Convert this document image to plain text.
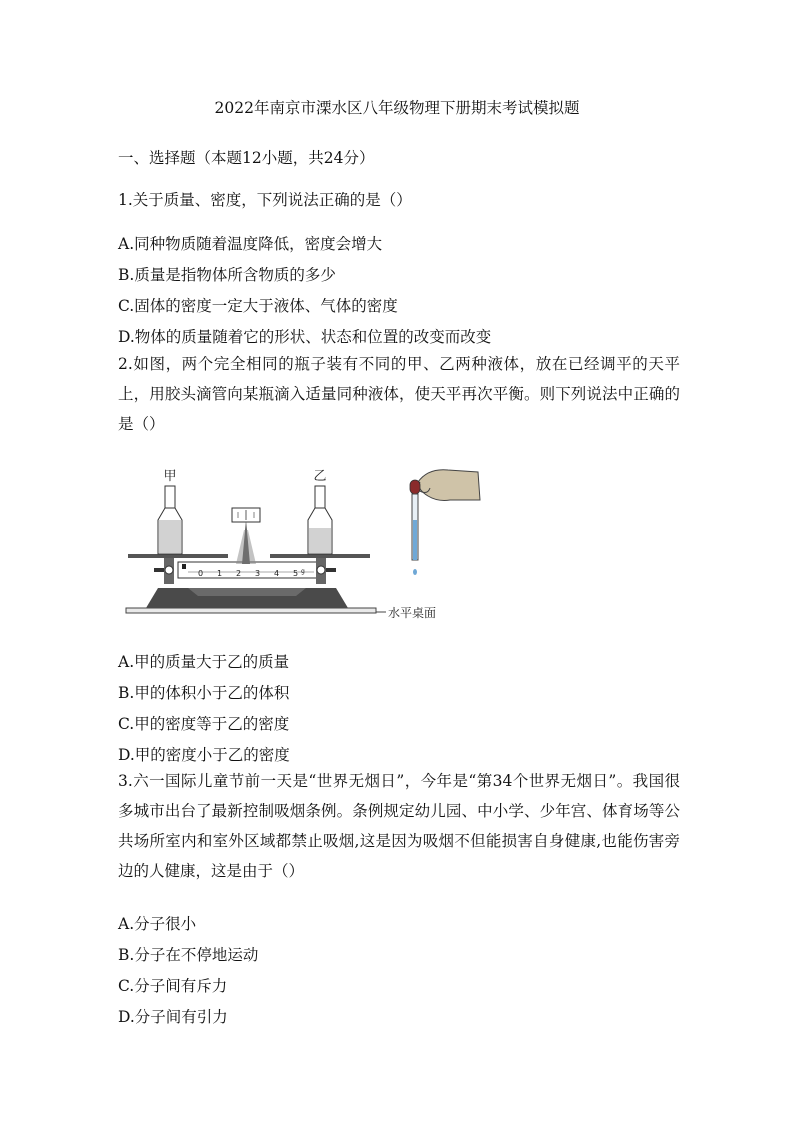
2022年南京市溧水区八年级物理下册期末考试模拟题
一、选择题（本题12小题，共24分）
1.关于质量、密度，下列说法正确的是（）
A.同种物质随着温度降低，密度会增大
B.质量是指物体所含物质的多少
C.固体的密度一定大于液体、气体的密度
D.物体的质量随着它的形状、状态和位置的改变而改变
2.如图，两个完全相同的瓶子装有不同的甲、乙两种液体，放在已经调平的天平上，用胶头滴管向某瓶滴入适量同种液体，使天平再次平衡。则下列说法中正确的是（）
水平桌面
0 1 2 3 4 5 g
甲	乙
A.甲的质量大于乙的质量
B.甲的体积小于乙的体积
C.甲的密度等于乙的密度
D.甲的密度小于乙的密度
3.六一国际儿童节前一天是“世界无烟日”，今年是“第34个世界无烟日”。我国很多城市出台了最新控制吸烟条例。条例规定幼儿园、中小学、少年宫、体育场等公共场所室内和室外区域都禁止吸烟,这是因为吸烟不但能损害自身健康,也能伤害旁边的人健康，这是由于（）
A.分子很小
B.分子在不停地运动
C.分子间有斥力
D.分子间有引力
